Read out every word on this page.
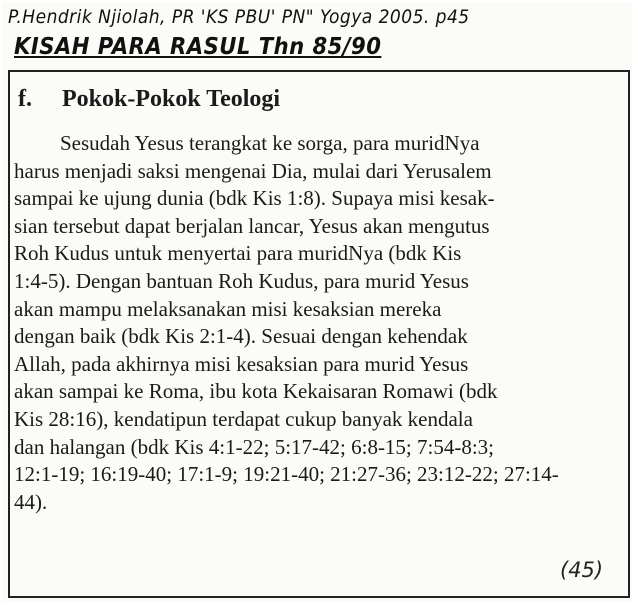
P.Hendrik Njiolah, PR 'KS PBU' PN" Yogya 2005. p45
KISAH PARA RASUL Thn 85/90
f. Pokok-Pokok Teologi
Sesudah Yesus terangkat ke sorga, para muridNya
harus menjadi saksi mengenai Dia, mulai dari Yerusalem
sampai ke ujung dunia (bdk Kis 1:8). Supaya misi kesak-
sian tersebut dapat berjalan lancar, Yesus akan mengutus
Roh Kudus untuk menyertai para muridNya (bdk Kis
1:4-5). Dengan bantuan Roh Kudus, para murid Yesus
akan mampu melaksanakan misi kesaksian mereka
dengan baik (bdk Kis 2:1-4). Sesuai dengan kehendak
Allah, pada akhirnya misi kesaksian para murid Yesus
akan sampai ke Roma, ibu kota Kekaisaran Romawi (bdk
Kis 28:16), kendatipun terdapat cukup banyak kendala
dan halangan (bdk Kis 4:1-22; 5:17-42; 6:8-15; 7:54-8:3;
12:1-19; 16:19-40; 17:1-9; 19:21-40; 21:27-36; 23:12-22; 27:14-
44).
(45)
